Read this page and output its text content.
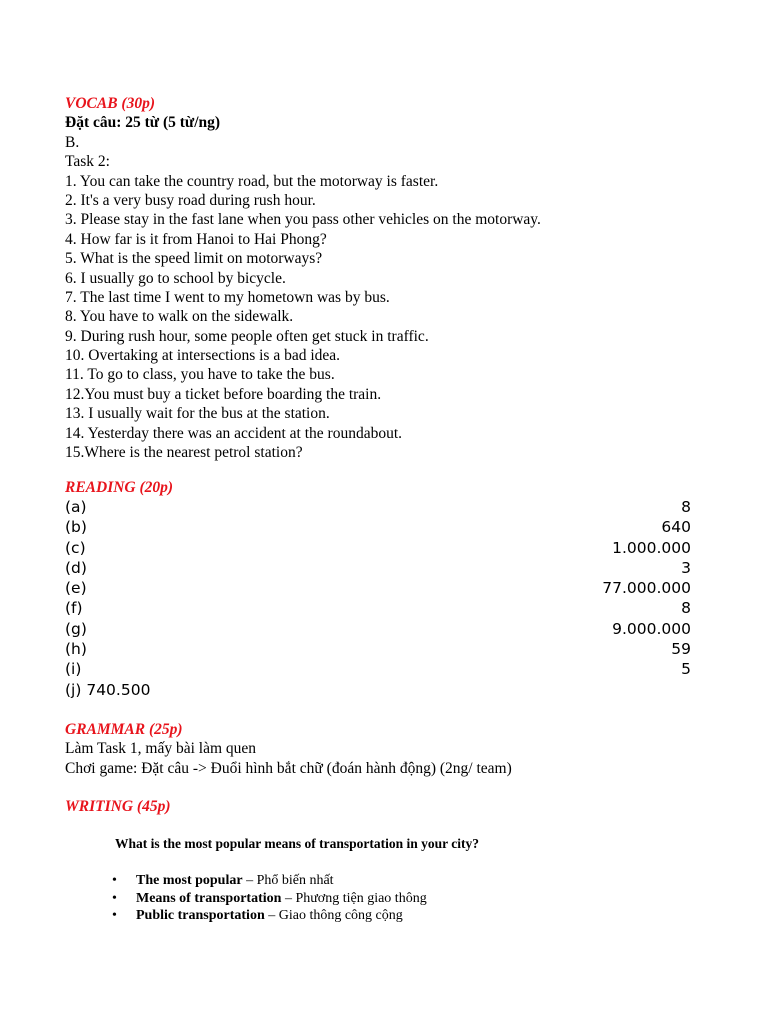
VOCAB (30p)
Đặt câu: 25 từ (5 từ/ng)
B.
Task 2:
1. You can take the country road, but the motorway is faster.
2. It's a very busy road during rush hour.
3. Please stay in the fast lane when you pass other vehicles on the motorway.
4. How far is it from Hanoi to Hai Phong?
5. What is the speed limit on motorways?
6. I usually go to school by bicycle.
7. The last time I went to my hometown was by bus.
8. You have to walk on the sidewalk.
9. During rush hour, some people often get stuck in traffic.
10. Overtaking at intersections is a bad idea.
11. To go to class, you have to take the bus.
12.You must buy a ticket before boarding the train.
13. I usually wait for the bus at the station.
14. Yesterday there was an accident at the roundabout.
15.Where is the nearest petrol station?
READING (20p)
(a)	8
(b)	640
(c)	1.000.000
(d)	3
(e)	77.000.000
(f)	8
(g)	9.000.000
(h)	59
(i)	5
(j) 740.500
GRAMMAR (25p)
Làm Task 1, mấy bài làm quen
Chơi game: Đặt câu -> Đuổi hình bắt chữ (đoán hành động) (2ng/ team)
WRITING (45p)
What is the most popular means of transportation in your city?
• The most popular – Phổ biến nhất
• Means of transportation – Phương tiện giao thông
• Public transportation – Giao thông công cộng
